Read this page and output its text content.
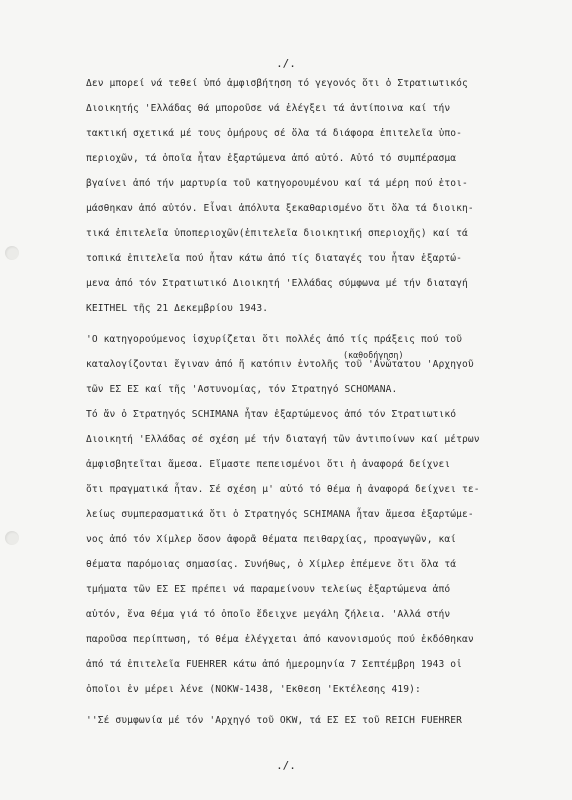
./.
Δεν μπορεί νά τεθεί ὑπό ἀμφισβήτηση τό γεγονός ὅτι ὁ Στρατιωτικός
Διοικητής 'Ελλάδας θά μποροῦσε νά ἐλέγξει τά ἀντίποινα καί τήν
τακτική σχετικά μέ τους ὁμήρους σέ ὅλα τά διάφορα ἐπιτελεῖα ὑπο-
περιοχῶν, τά ὁποῖα ἦταν ἐξαρτώμενα ἀπό αὐτό. Αὐτό τό συμπέρασμα
βγαίνει ἀπό τήν μαρτυρία τοῦ κατηγορουμένου καί τά μέρη πού ἑτοι-
μάσθηκαν ἀπό αὐτόν. Εἶναι ἀπόλυτα ξεκαθαρισμένο ὅτι ὅλα τά διοικη-
τικά ἐπιτελεῖα ὑποπεριοχῶν(ἐπιτελεῖα διοικητική σπεριοχῆς) καί τά
τοπικά ἐπιτελεῖα πού ἦταν κάτω ἀπό τίς διαταγές του ἦταν ἐξαρτώ-
μενα ἀπό τόν Στρατιωτικό Διοικητή 'Ελλάδας σύμφωνα μέ τήν διαταγή
KEITHEL τῆς 21 Δεκεμβρίου 1943.
'Ο κατηγορούμενος ἰσχυρίζεται ὅτι πολλές ἀπό τίς πράξεις πού τοῦ
(καθοδήγηση)
καταλογίζονται ἔγιναν ἀπό ἤ κατόπιν ἐντολῆς τοῦ 'Ανώτατου 'Αρχηγοῦ
τῶν ΕΣ ΕΣ καί τῆς 'Αστυνομίας, τόν Στρατηγό SCHOMANA.
Τό ἄν ὁ Στρατηγός SCHIMANA ἦταν ἐξαρτώμενος ἀπό τόν Στρατιωτικό
Διοικητή 'Ελλάδας σέ σχέση μέ τήν διαταγή τῶν ἀντιποίνων καί μέτρων
ἀμφισβητεῖται ἄμεσα. Εἴμαστε πεπεισμένοι ὅτι ἡ ἀναφορά δείχνει
ὅτι πραγματικά ἦταν. Σέ σχέση μ' αὐτό τό θέμα ἡ ἀναφορά δείχνει τε-
λείως συμπερασματικά ὅτι ὁ Στρατηγός SCHIMANA ἦταν ἄμεσα ἐξαρτώμε-
νος ἀπό τόν Χίμλερ ὅσον ἀφορᾶ θέματα πειθαρχίας, προαγωγῶν, καί
θέματα παρόμοιας σημασίας. Συνήθως, ὁ Χίμλερ ἐπέμενε ὅτι ὅλα τά
τμήματα τῶν ΕΣ ΕΣ πρέπει νά παραμείνουν τελείως ἐξαρτώμενα ἀπό
αὐτόν, ἕνα θέμα γιά τό ὁποῖο ἔδειχνε μεγάλη ζήλεια. 'Αλλά στήν
παροῦσα περίπτωση, τό θέμα ἐλέγχεται ἀπό κανονισμούς πού ἐκδόθηκαν
ἀπό τά ἐπιτελεῖα FUEHRER κάτω ἀπό ἡμερομηνία 7 Σεπτέμβρη 1943 οἱ
ὁποῖοι ἐν μέρει λένε (NOKW-1438, 'Εκθεση 'Εκτέλεσης 419):
''Σέ συμφωνία μέ τόν 'Αρχηγό τοῦ OKW, τά ΕΣ ΕΣ τοῦ REICH FUEHRER
./.
